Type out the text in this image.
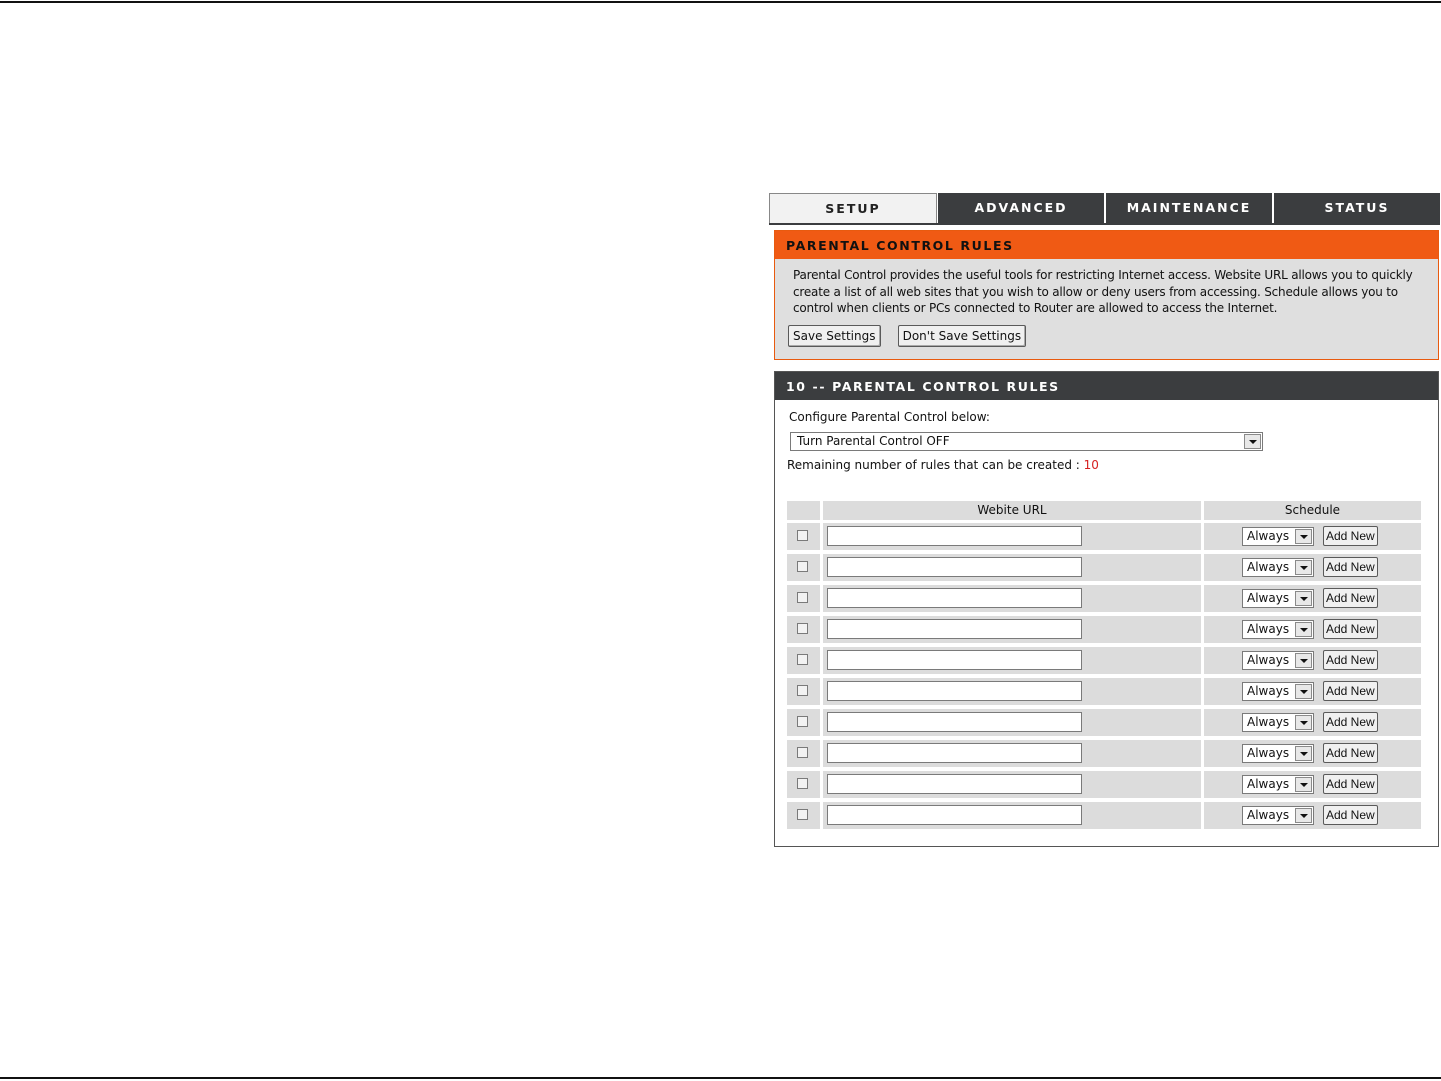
SETUP	ADVANCED	MAINTENANCE	STATUS
PARENTAL CONTROL RULES
Parental Control provides the useful tools for restricting Internet access. Website URL allows you to quickly create a list of all web sites that you wish to allow or deny users from accessing. Schedule allows you to control when clients or PCs connected to Router are allowed to access the Internet.
Save Settings Don't Save Settings
10 -- PARENTAL CONTROL RULES
Configure Parental Control below:
Turn Parental Control OFF
Remaining number of rules that can be created : 10
Webite URL	Schedule
Always	Add New
Always	Add New
Always	Add New
Always	Add New
Always	Add New
Always	Add New
Always	Add New
Always	Add New
Always	Add New
Always	Add New
